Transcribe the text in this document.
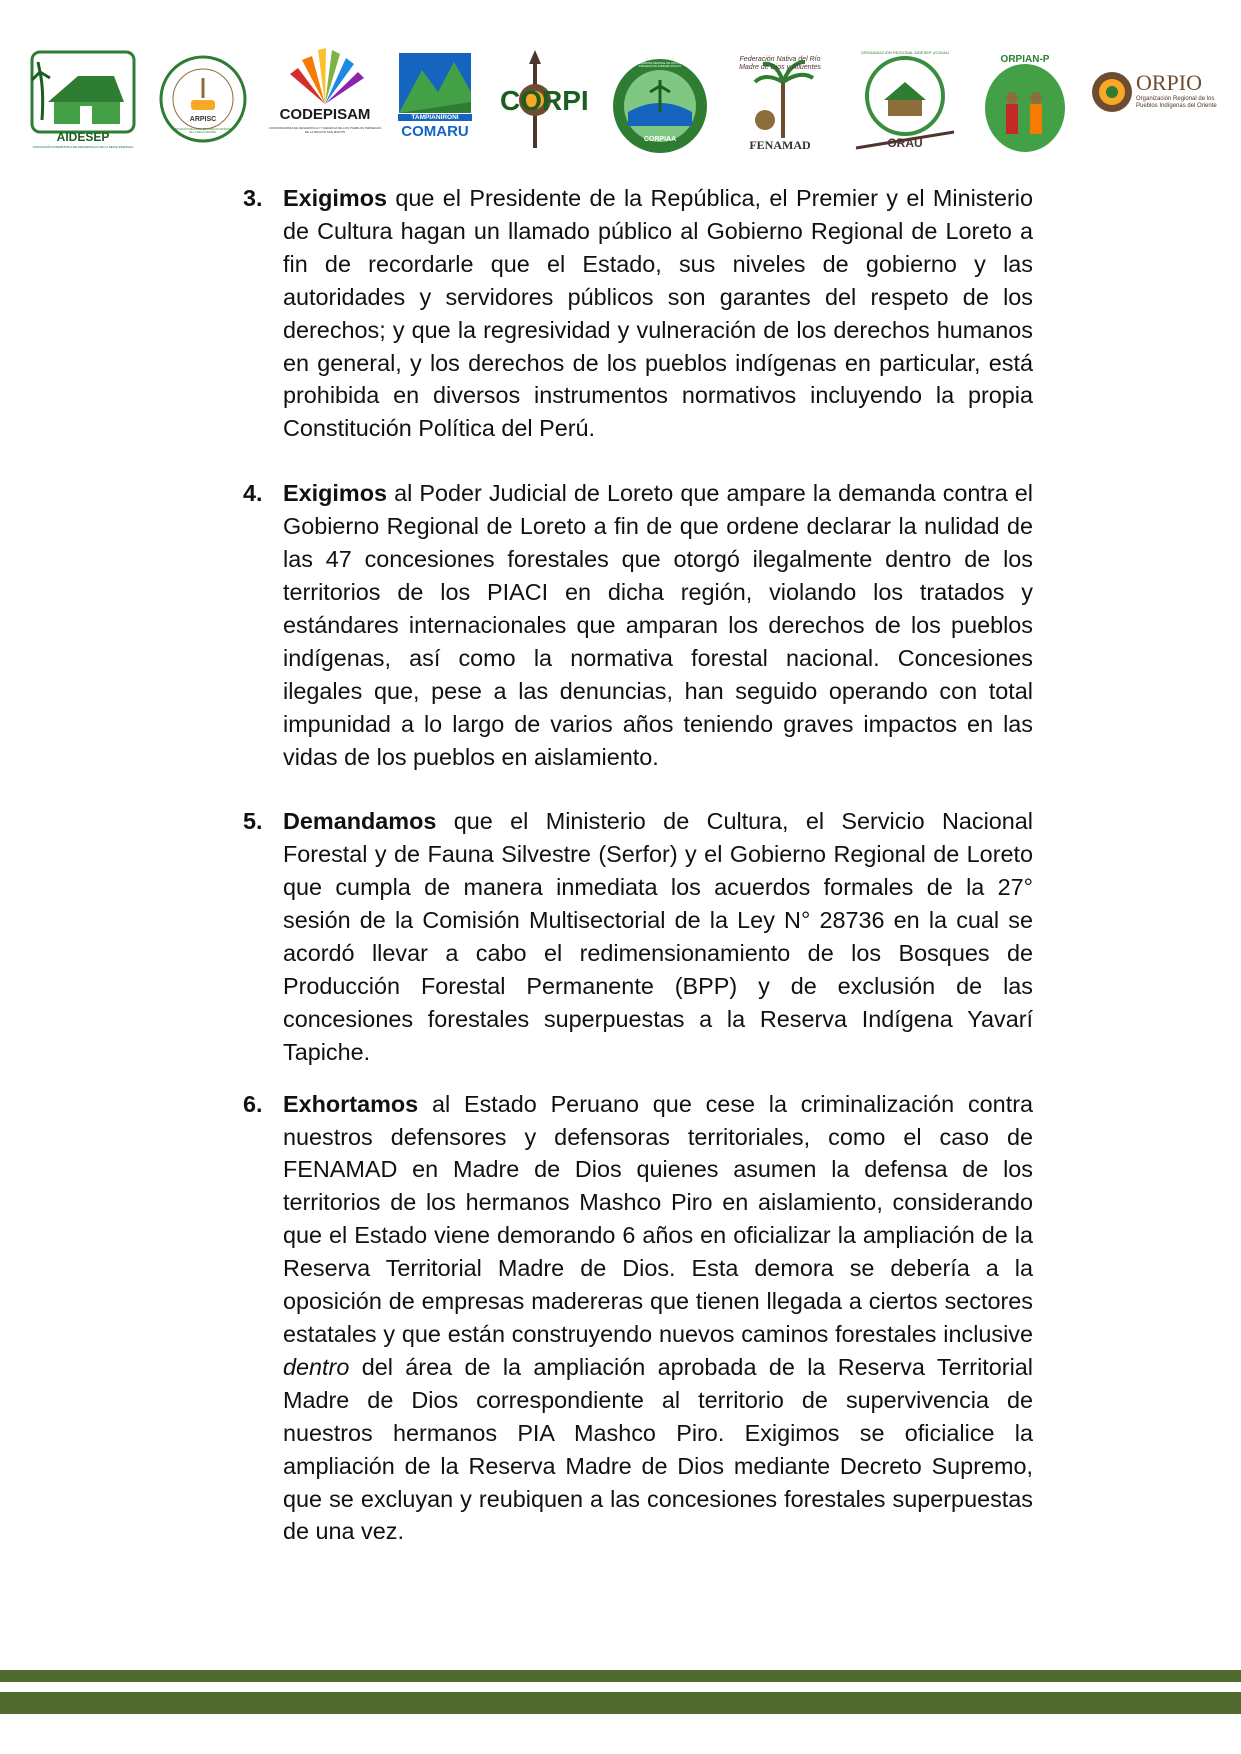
AIDESEP
ASOCIACIÓN INTERÉTNICA DE DESARROLLO DE LA SELVA PERUANA
ARPISC
ASOCIACIÓN REGIONAL DE PUEBLOS INDÍGENAS DE LA SELVA CENTRAL
CODEPISAM
COORDINADORA DE DESARROLLO Y DEFENSA DE LOS PUEBLOS INDÍGENAS DE LA REGIÓN SAN MARTÍN
TAMPIANIRONI
COMARU
CORPI
CORPIAA
COORDINADORA REGIONAL DE LOS PUEBLOS INDÍGENAS DE AAIDESEP ATALAYA
Federación Nativa del Río Madre de Dios y Afluentes
FENAMAD
ORGANIZACIÓN REGIONAL AIDESEP UCAYALI
ORAU
ORPIAN-P
ORPIO
Organización Regional de los Pueblos Indígenas del Oriente
3. Exigimos que el Presidente de la República, el Premier y el Ministerio de Cultura hagan un llamado público al Gobierno Regional de Loreto a fin de recordarle que el Estado, sus niveles de gobierno y las autoridades y servidores públicos son garantes del respeto de los derechos; y que la regresividad y vulneración de los derechos humanos en general, y los derechos de los pueblos indígenas en particular, está prohibida en diversos instrumentos normativos incluyendo la propia Constitución Política del Perú.
4. Exigimos al Poder Judicial de Loreto que ampare la demanda contra el Gobierno Regional de Loreto a fin de que ordene declarar la nulidad de las 47 concesiones forestales que otorgó ilegalmente dentro de los territorios de los PIACI en dicha región, violando los tratados y estándares internacionales que amparan los derechos de los pueblos indígenas, así como la normativa forestal nacional. Concesiones ilegales que, pese a las denuncias, han seguido operando con total impunidad a lo largo de varios años teniendo graves impactos en las vidas de los pueblos en aislamiento.
5. Demandamos que el Ministerio de Cultura, el Servicio Nacional Forestal y de Fauna Silvestre (Serfor) y el Gobierno Regional de Loreto que cumpla de manera inmediata los acuerdos formales de la 27° sesión de la Comisión Multisectorial de la Ley N° 28736 en la cual se acordó llevar a cabo el redimensionamiento de los Bosques de Producción Forestal Permanente (BPP) y de exclusión de las concesiones forestales superpuestas a la Reserva Indígena Yavarí Tapiche.
6. Exhortamos al Estado Peruano que cese la criminalización contra nuestros defensores y defensoras territoriales, como el caso de FENAMAD en Madre de Dios quienes asumen la defensa de los territorios de los hermanos Mashco Piro en aislamiento, considerando que el Estado viene demorando 6 años en oficializar la ampliación de la Reserva Territorial Madre de Dios. Esta demora se debería a la oposición de empresas madereras que tienen llegada a ciertos sectores estatales y que están construyendo nuevos caminos forestales inclusive dentro del área de la ampliación aprobada de la Reserva Territorial Madre de Dios correspondiente al territorio de supervivencia de nuestros hermanos PIA Mashco Piro. Exigimos se oficialice la ampliación de la Reserva Madre de Dios mediante Decreto Supremo, que se excluyan y reubiquen a las concesiones forestales superpuestas de una vez.
